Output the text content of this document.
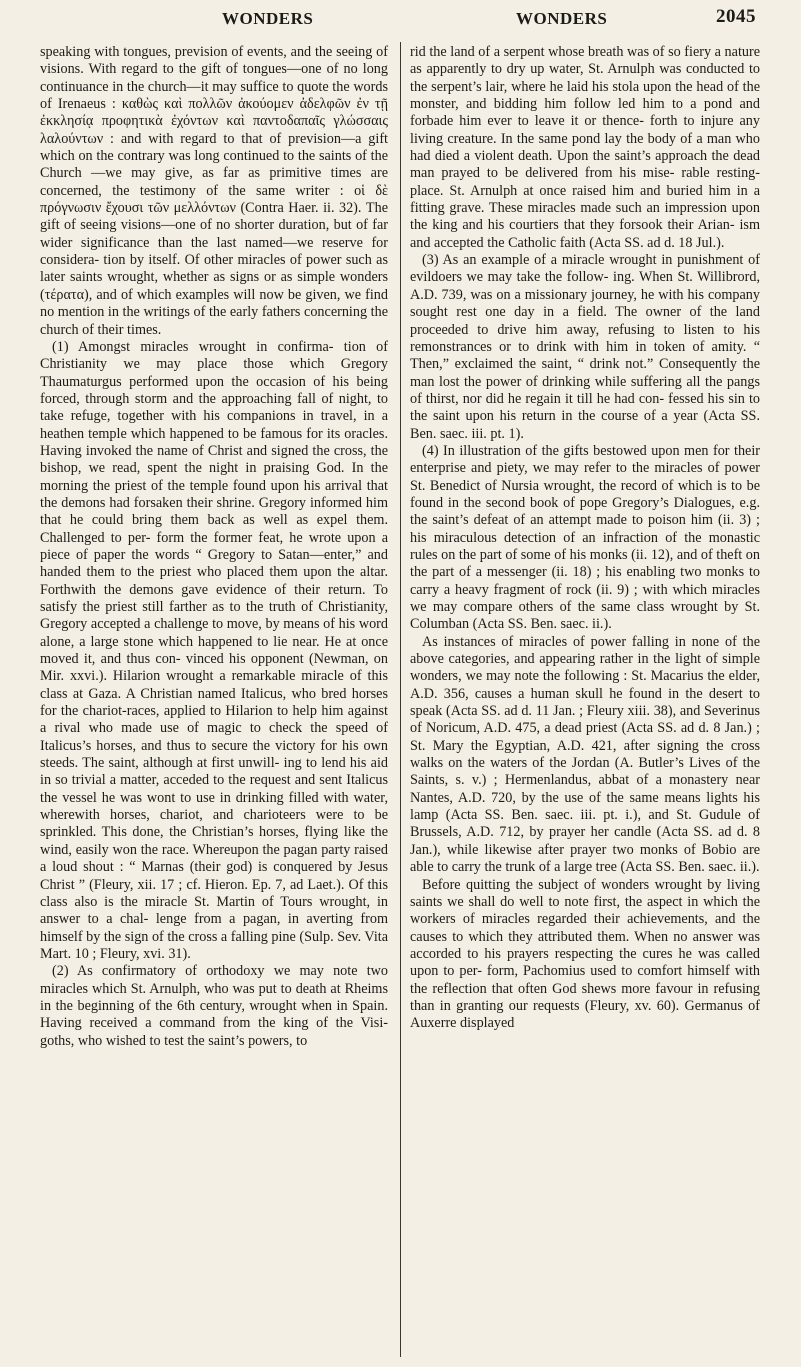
WONDERS	WONDERS	2045

speaking with tongues, prevision of events, and the seeing of visions. With regard to the gift of tongues—one of no long continuance in the church—it may suffice to quote the words of Irenaeus : καθὼς καὶ πολλῶν ἀκούομεν ἀδελφῶν ἐν τῇ ἐκκλησίᾳ προφητικὰ ἐχόντων καὶ παντοδαπαῖς γλώσσαις λαλούντων : and with regard to that of prevision—a gift which on the contrary was long continued to the saints of the Church —we may give, as far as primitive times are concerned, the testimony of the same writer : οἱ δὲ πρόγνωσιν ἔχουσι τῶν μελλόντων (Contra Haer. ii. 32). The gift of seeing visions—one of no shorter duration, but of far wider significance than the last named—we reserve for considera- tion by itself. Of other miracles of power such as later saints wrought, whether as signs or as simple wonders (τέρατα), and of which examples will now be given, we find no mention in the writings of the early fathers concerning the church of their times.

(1) Amongst miracles wrought in confirma- tion of Christianity we may place those which Gregory Thaumaturgus performed upon the occasion of his being forced, through storm and the approaching fall of night, to take refuge, together with his companions in travel, in a heathen temple which happened to be famous for its oracles. Having invoked the name of Christ and signed the cross, the bishop, we read, spent the night in praising God. In the morning the priest of the temple found upon his arrival that the demons had forsaken their shrine. Gregory informed him that he could bring them back as well as expel them. Challenged to per- form the former feat, he wrote upon a piece of paper the words “ Gregory to Satan—enter,” and handed them to the priest who placed them upon the altar. Forthwith the demons gave evidence of their return. To satisfy the priest still farther as to the truth of Christianity, Gregory accepted a challenge to move, by means of his word alone, a large stone which happened to lie near. He at once moved it, and thus con- vinced his opponent (Newman, on Mir. xxvi.). Hilarion wrought a remarkable miracle of this class at Gaza. A Christian named Italicus, who bred horses for the chariot-races, applied to Hilarion to help him against a rival who made use of magic to check the speed of Italicus’s horses, and thus to secure the victory for his own steeds. The saint, although at first unwill- ing to lend his aid in so trivial a matter, acceded to the request and sent Italicus the vessel he was wont to use in drinking filled with water, wherewith horses, chariot, and charioteers were to be sprinkled. This done, the Christian’s horses, flying like the wind, easily won the race. Whereupon the pagan party raised a loud shout : “ Marnas (their god) is conquered by Jesus Christ ” (Fleury, xii. 17 ; cf. Hieron. Ep. 7, ad Laet.). Of this class also is the miracle St. Martin of Tours wrought, in answer to a chal- lenge from a pagan, in averting from himself by the sign of the cross a falling pine (Sulp. Sev. Vita Mart. 10 ; Fleury, xvi. 31).

(2) As confirmatory of orthodoxy we may note two miracles which St. Arnulph, who was put to death at Rheims in the beginning of the 6th century, wrought when in Spain. Having received a command from the king of the Visi- goths, who wished to test the saint’s powers, to

rid the land of a serpent whose breath was of so fiery a nature as apparently to dry up water, St. Arnulph was conducted to the serpent’s lair, where he laid his stola upon the head of the monster, and bidding him follow led him to a pond and forbade him ever to leave it or thence- forth to injure any living creature. In the same pond lay the body of a man who had died a violent death. Upon the saint’s approach the dead man prayed to be delivered from his mise- rable resting-place. St. Arnulph at once raised him and buried him in a fitting grave. These miracles made such an impression upon the king and his courtiers that they forsook their Arian- ism and accepted the Catholic faith (Acta SS. ad d. 18 Jul.).

(3) As an example of a miracle wrought in punishment of evildoers we may take the follow- ing. When St. Willibrord, A.D. 739, was on a missionary journey, he with his company sought rest one day in a field. The owner of the land proceeded to drive him away, refusing to listen to his remonstrances or to drink with him in token of amity. “ Then,” exclaimed the saint, “ drink not.” Consequently the man lost the power of drinking while suffering all the pangs of thirst, nor did he regain it till he had con- fessed his sin to the saint upon his return in the course of a year (Acta SS. Ben. saec. iii. pt. 1).

(4) In illustration of the gifts bestowed upon men for their enterprise and piety, we may refer to the miracles of power St. Benedict of Nursia wrought, the record of which is to be found in the second book of pope Gregory’s Dialogues, e.g. the saint’s defeat of an attempt made to poison him (ii. 3) ; his miraculous detection of an infraction of the monastic rules on the part of some of his monks (ii. 12), and of theft on the part of a messenger (ii. 18) ; his enabling two monks to carry a heavy fragment of rock (ii. 9) ; with which miracles we may compare others of the same class wrought by St. Columban (Acta SS. Ben. saec. ii.).

As instances of miracles of power falling in none of the above categories, and appearing rather in the light of simple wonders, we may note the following : St. Macarius the elder, A.D. 356, causes a human skull he found in the desert to speak (Acta SS. ad d. 11 Jan. ; Fleury xiii. 38), and Severinus of Noricum, A.D. 475, a dead priest (Acta SS. ad d. 8 Jan.) ; St. Mary the Egyptian, A.D. 421, after signing the cross walks on the waters of the Jordan (A. Butler’s Lives of the Saints, s. v.) ; Hermenlandus, abbat of a monastery near Nantes, A.D. 720, by the use of the same means lights his lamp (Acta SS. Ben. saec. iii. pt. i.), and St. Gudule of Brussels, A.D. 712, by prayer her candle (Acta SS. ad d. 8 Jan.), while likewise after prayer two monks of Bobio are able to carry the trunk of a large tree (Acta SS. Ben. saec. ii.).

Before quitting the subject of wonders wrought by living saints we shall do well to note first, the aspect in which the workers of miracles regarded their achievements, and the causes to which they attributed them. When no answer was accorded to his prayers respecting the cures he was called upon to per- form, Pachomius used to comfort himself with the reflection that often God shews more favour in refusing than in granting our requests (Fleury, xv. 60). Germanus of Auxerre displayed
